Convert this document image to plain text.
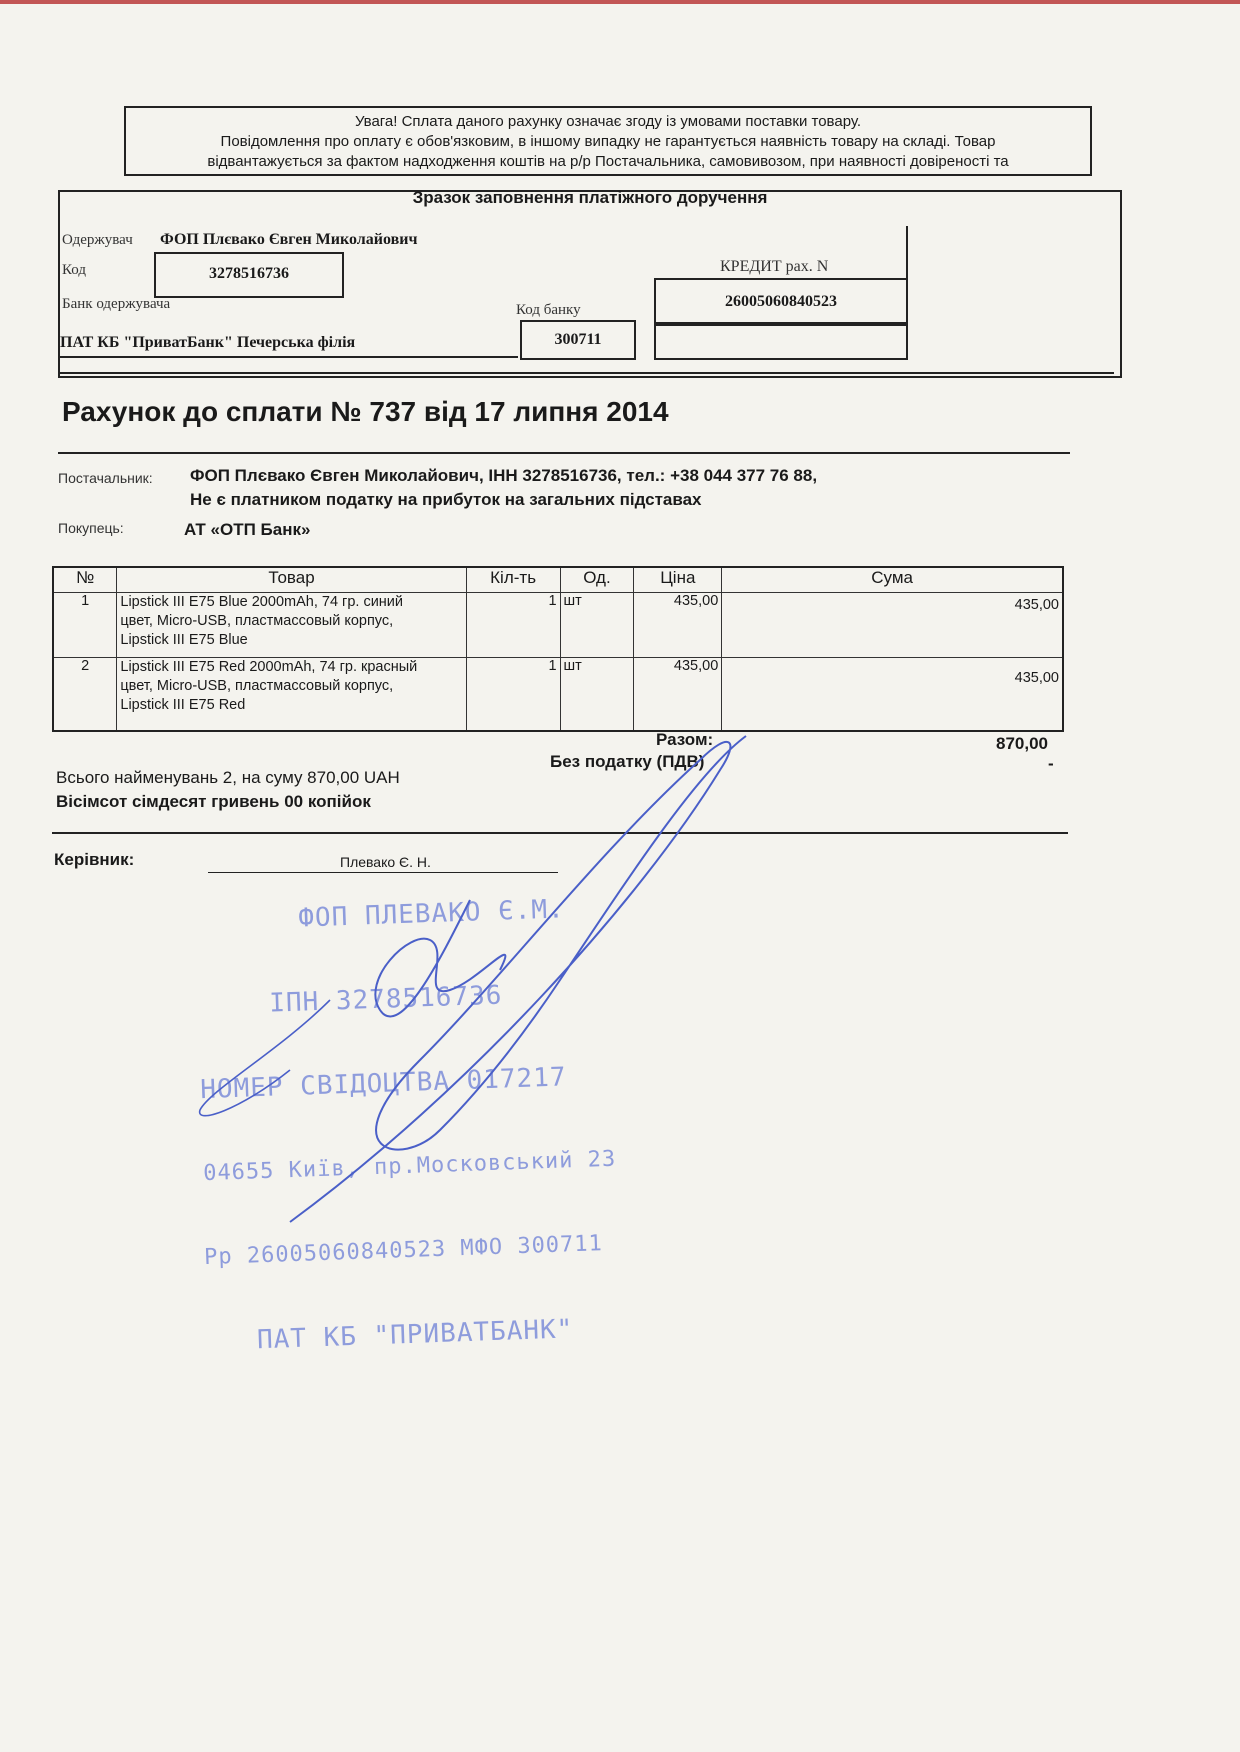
Увага! Сплата даного рахунку означає згоду із умовами поставки товару.
Повідомлення про оплату є обов'язковим, в іншому випадку не гарантується наявність товару на складі. Товар
відвантажується за фактом надходження коштів на р/р Постачальника, самовивозом, при наявності довіреності та
Зразок заповнення платіжного доручення
Одержувач ФОП Плєвако Євген Миколайович
Код	3278516736
Банк одержувача	Код банку
КРЕДИТ рах. N
26005060840523
ПАТ КБ "ПриватБанк" Печерська філія	300711
Рахунок до сплати № 737 від 17 липня 2014
Постачальник: ФОП Плєвако Євген Миколайович, ІНН 3278516736, тел.: +38 044 377 76 88,
Не є платником податку на прибуток на загальних підставах
Покупець:	АТ «ОТП Банк»
№	Товар	Кіл-ть	Од.	Ціна	Сума
1	Lipstick III E75 Blue 2000mAh, 74 гр. синий
цвет, Micro-USB, пластмассовый корпус,
Lipstick III E75 Blue	1	шт	435,00	435,00
2	Lipstick III E75 Red 2000mAh, 74 гр. красный
цвет, Micro-USB, пластмассовый корпус,
Lipstick III E75 Red	1	шт	435,00	435,00
Разом:	870,00
Без податку (ПДВ)	-
Всього найменувань 2, на суму 870,00 UAH
Вісімсот сімдесят гривень 00 копійок
Керівник:	Плевако Є. Н.

ФОП ПЛЕВАКО Є.М.

ІПН 3278516736

НОМЕР СВІДОЦТВА 017217

04655 Київ, пр.Московський 23

Рр 26005060840523 МФО 300711

ПАТ КБ "ПРИВАТБАНК"
